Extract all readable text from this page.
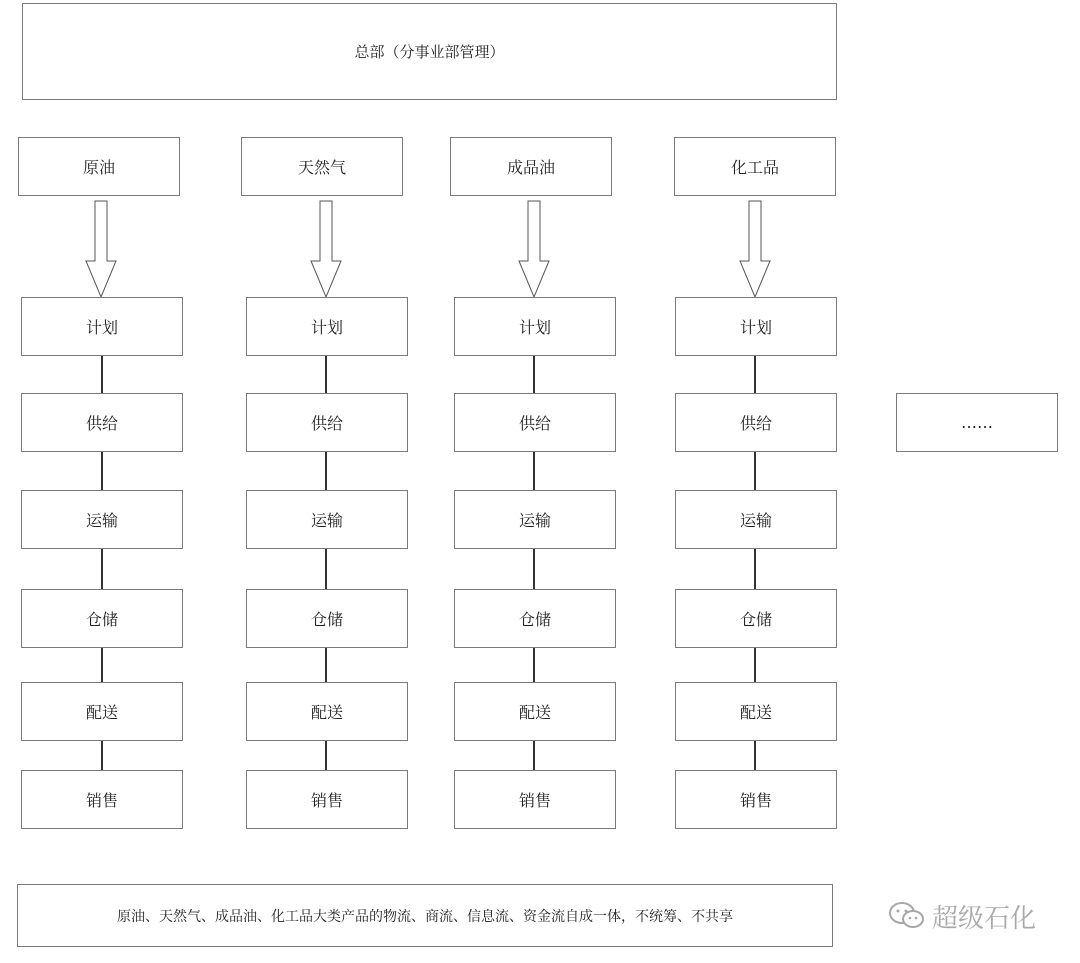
总部（分事业部管理）
原油
计划
供给
运输
仓储
配送
销售
天然气
计划
供给
运输
仓储
配送
销售
成品油
计划
供给
运输
仓储
配送
销售
化工品
计划
供给
运输
仓储
配送
销售
……
原油、天然气、成品油、化工品大类产品的物流、商流、信息流、资金流自成一体，不统筹、不共享	超级石化
